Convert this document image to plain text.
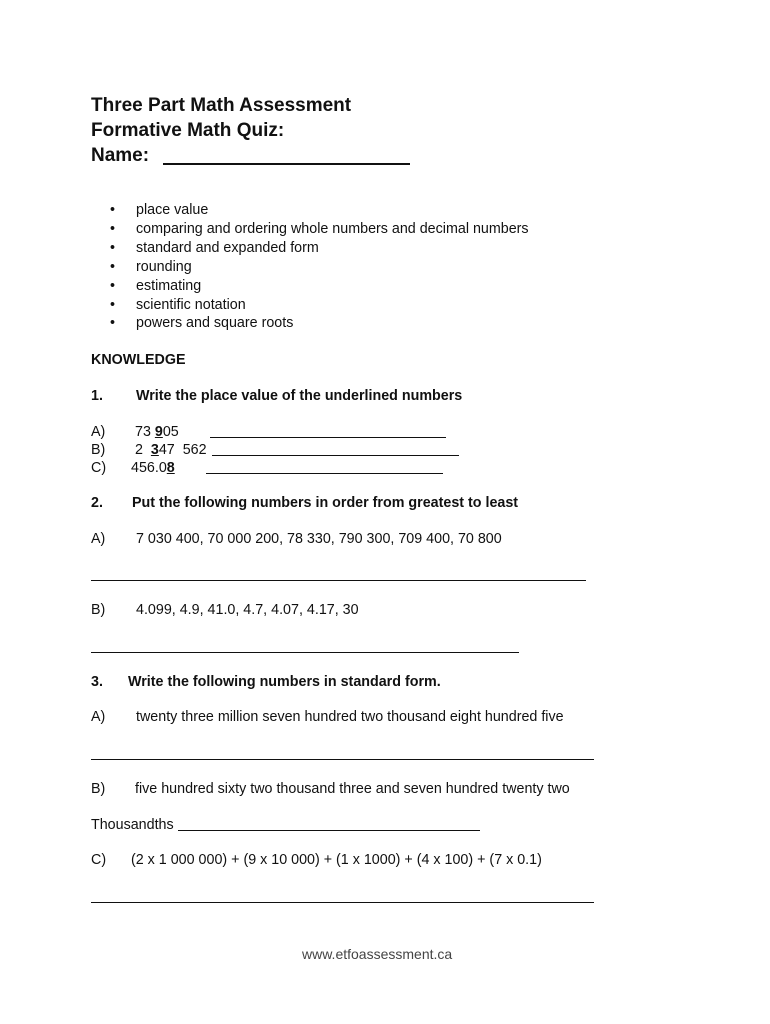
Three Part Math Assessment
Formative Math Quiz:
Name:
• place value
• comparing and ordering whole numbers and decimal numbers
• standard and expanded form
• rounding
• estimating
• scientific notation
• powers and square roots
KNOWLEDGE
1. Write the place value of the underlined numbers
A) 73 905
B) 2  347  562
C) 456.08
2. Put the following numbers in order from greatest to least
A) 7 030 400, 70 000 200, 78 330, 790 300, 709 400, 70 800
B) 4.099, 4.9, 41.0, 4.7, 4.07, 4.17, 30
3. Write the following numbers in standard form.
A) twenty three million seven hundred two thousand eight hundred five
B) five hundred sixty two thousand three and seven hundred twenty two
Thousandths
C) (2 x 1 000 000) + (9 x 10 000) + (1 x 1000) + (4 x 100) + (7 x 0.1)
www.etfoassessment.ca
